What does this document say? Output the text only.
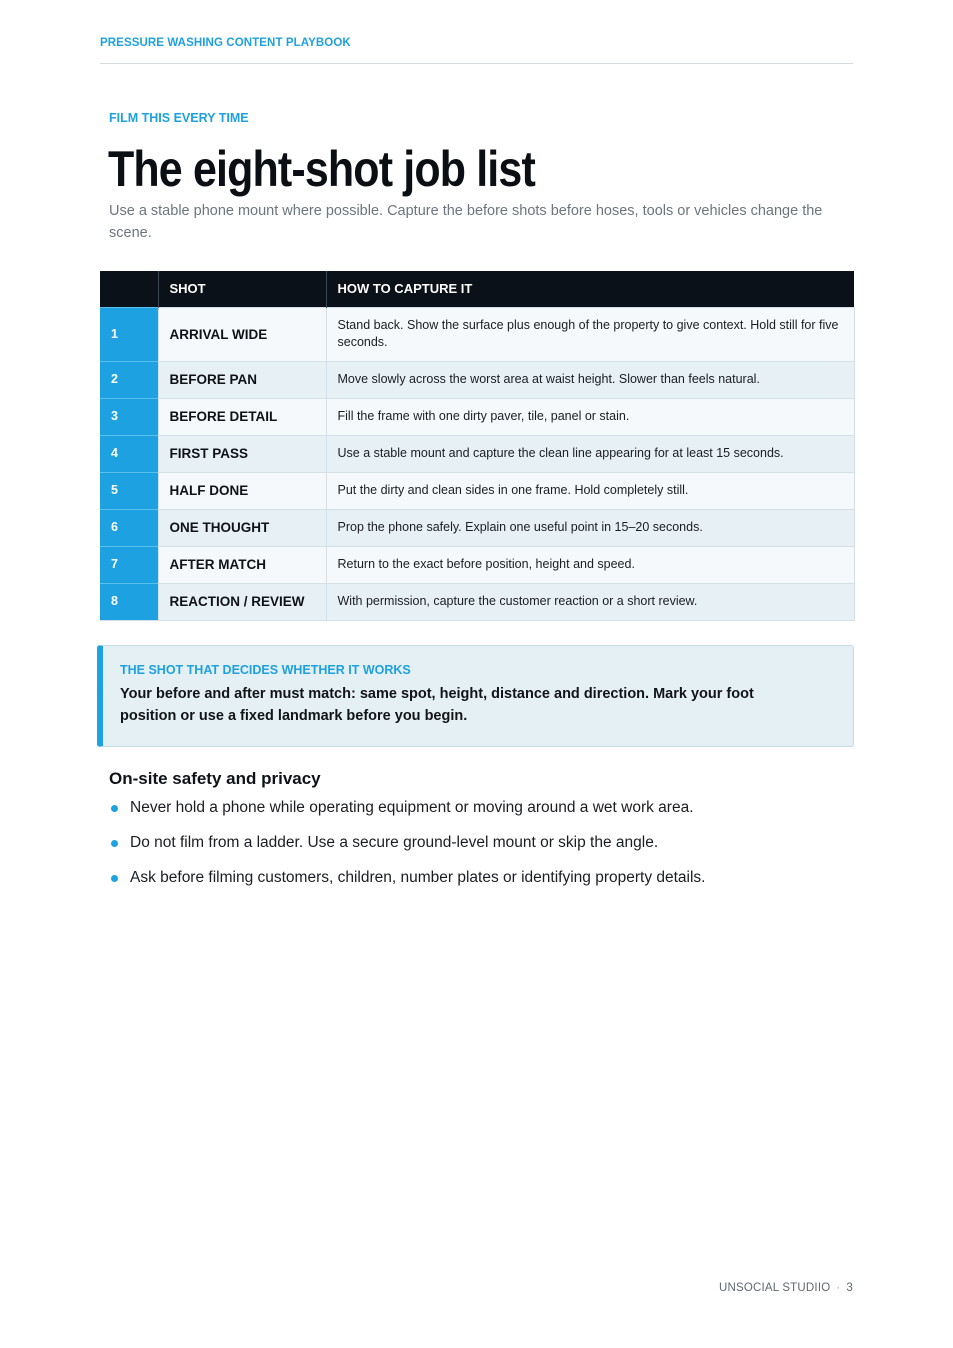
PRESSURE WASHING CONTENT PLAYBOOK
FILM THIS EVERY TIME
The eight-shot job list

Use a stable phone mount where possible. Capture the before shots before hoses, tools or vehicles change the scene.

	SHOT	HOW TO CAPTURE IT
1	ARRIVAL WIDE	Stand back. Show the surface plus enough of the property to give context. Hold still for five seconds.
2	BEFORE PAN	Move slowly across the worst area at waist height. Slower than feels natural.
3	BEFORE DETAIL	Fill the frame with one dirty paver, tile, panel or stain.
4	FIRST PASS	Use a stable mount and capture the clean line appearing for at least 15 seconds.
5	HALF DONE	Put the dirty and clean sides in one frame. Hold completely still.
6	ONE THOUGHT	Prop the phone safely. Explain one useful point in 15–20 seconds.
7	AFTER MATCH	Return to the exact before position, height and speed.
8	REACTION / REVIEW	With permission, capture the customer reaction or a short review.
THE SHOT THAT DECIDES WHETHER IT WORKS
Your before and after must match: same spot, height, distance and direction. Mark your foot position or use a fixed landmark before you begin.
On-site safety and privacy
Never hold a phone while operating equipment or moving around a wet work area.
Do not film from a ladder. Use a secure ground-level mount or skip the angle.
Ask before filming customers, children, number plates or identifying property details.
UNSOCIAL STUDIIO · 3
